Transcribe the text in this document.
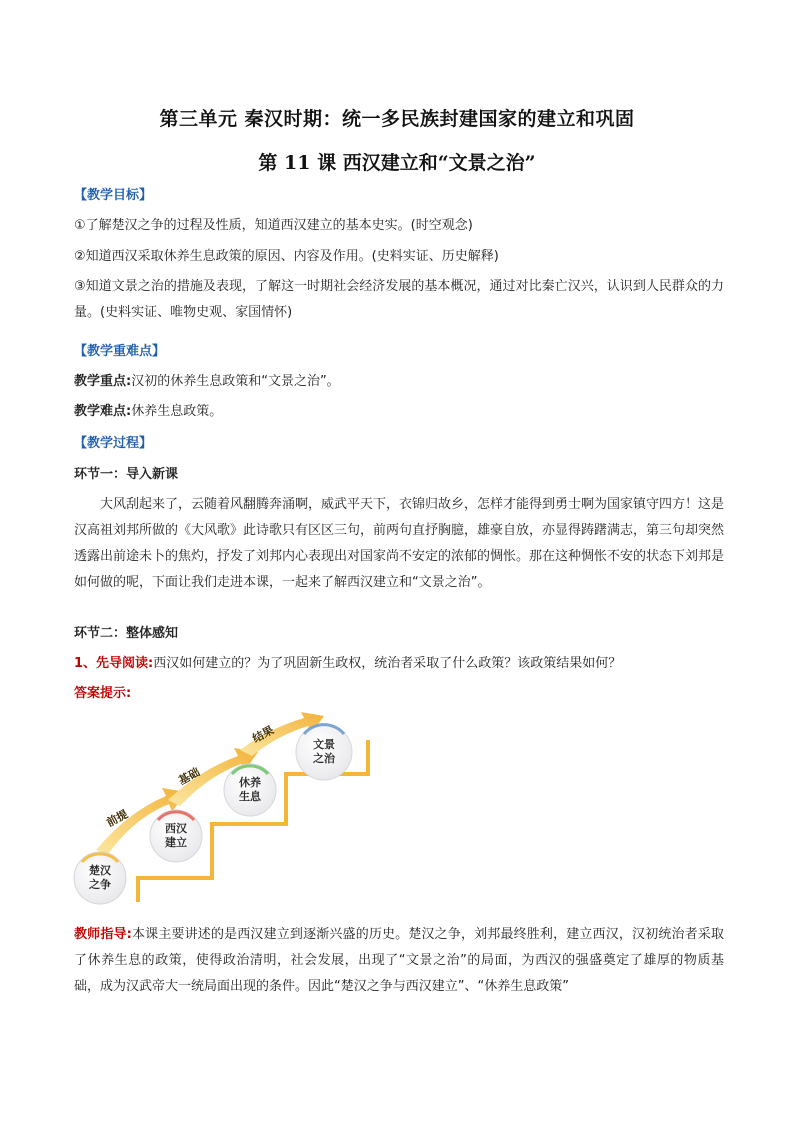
第三单元 秦汉时期：统一多民族封建国家的建立和巩固
第 11 课 西汉建立和“文景之治”
【教学目标】
①了解楚汉之争的过程及性质，知道西汉建立的基本史实。(时空观念)
②知道西汉采取休养生息政策的原因、内容及作用。(史料实证、历史解释)
③知道文景之治的措施及表现，了解这一时期社会经济发展的基本概况，通过对比秦亡汉兴，认识到人民群众的力量。(史料实证、唯物史观、家国情怀)
【教学重难点】
教学重点:汉初的休养生息政策和“文景之治”。
教学难点:休养生息政策。
【教学过程】
环节一：导入新课
大风刮起来了，云随着风翻腾奔涌啊，威武平天下，衣锦归故乡，怎样才能得到勇士啊为国家镇守四方！这是汉高祖刘邦所做的《大风歌》此诗歌只有区区三句，前两句直抒胸臆，雄豪自放，亦显得踌躇满志，第三句却突然透露出前途未卜的焦灼，抒发了刘邦内心表现出对国家尚不安定的浓郁的惆怅。那在这种惆怅不安的状态下刘邦是如何做的呢，下面让我们走进本课，一起来了解西汉建立和“文景之治”。
环节二：整体感知
1、先导阅读:西汉如何建立的？为了巩固新生政权，统治者采取了什么政策？该政策结果如何？
答案提示:
楚汉
之争
西汉
建立
休养
生息
文景
之治
前提
基础
结果
教师指导:本课主要讲述的是西汉建立到逐渐兴盛的历史。楚汉之争，刘邦最终胜利，建立西汉，汉初统治者采取了休养生息的政策，使得政治清明，社会发展，出现了“文景之治”的局面，为西汉的强盛奠定了雄厚的物质基础，成为汉武帝大一统局面出现的条件。因此“楚汉之争与西汉建立”、“休养生息政策”
